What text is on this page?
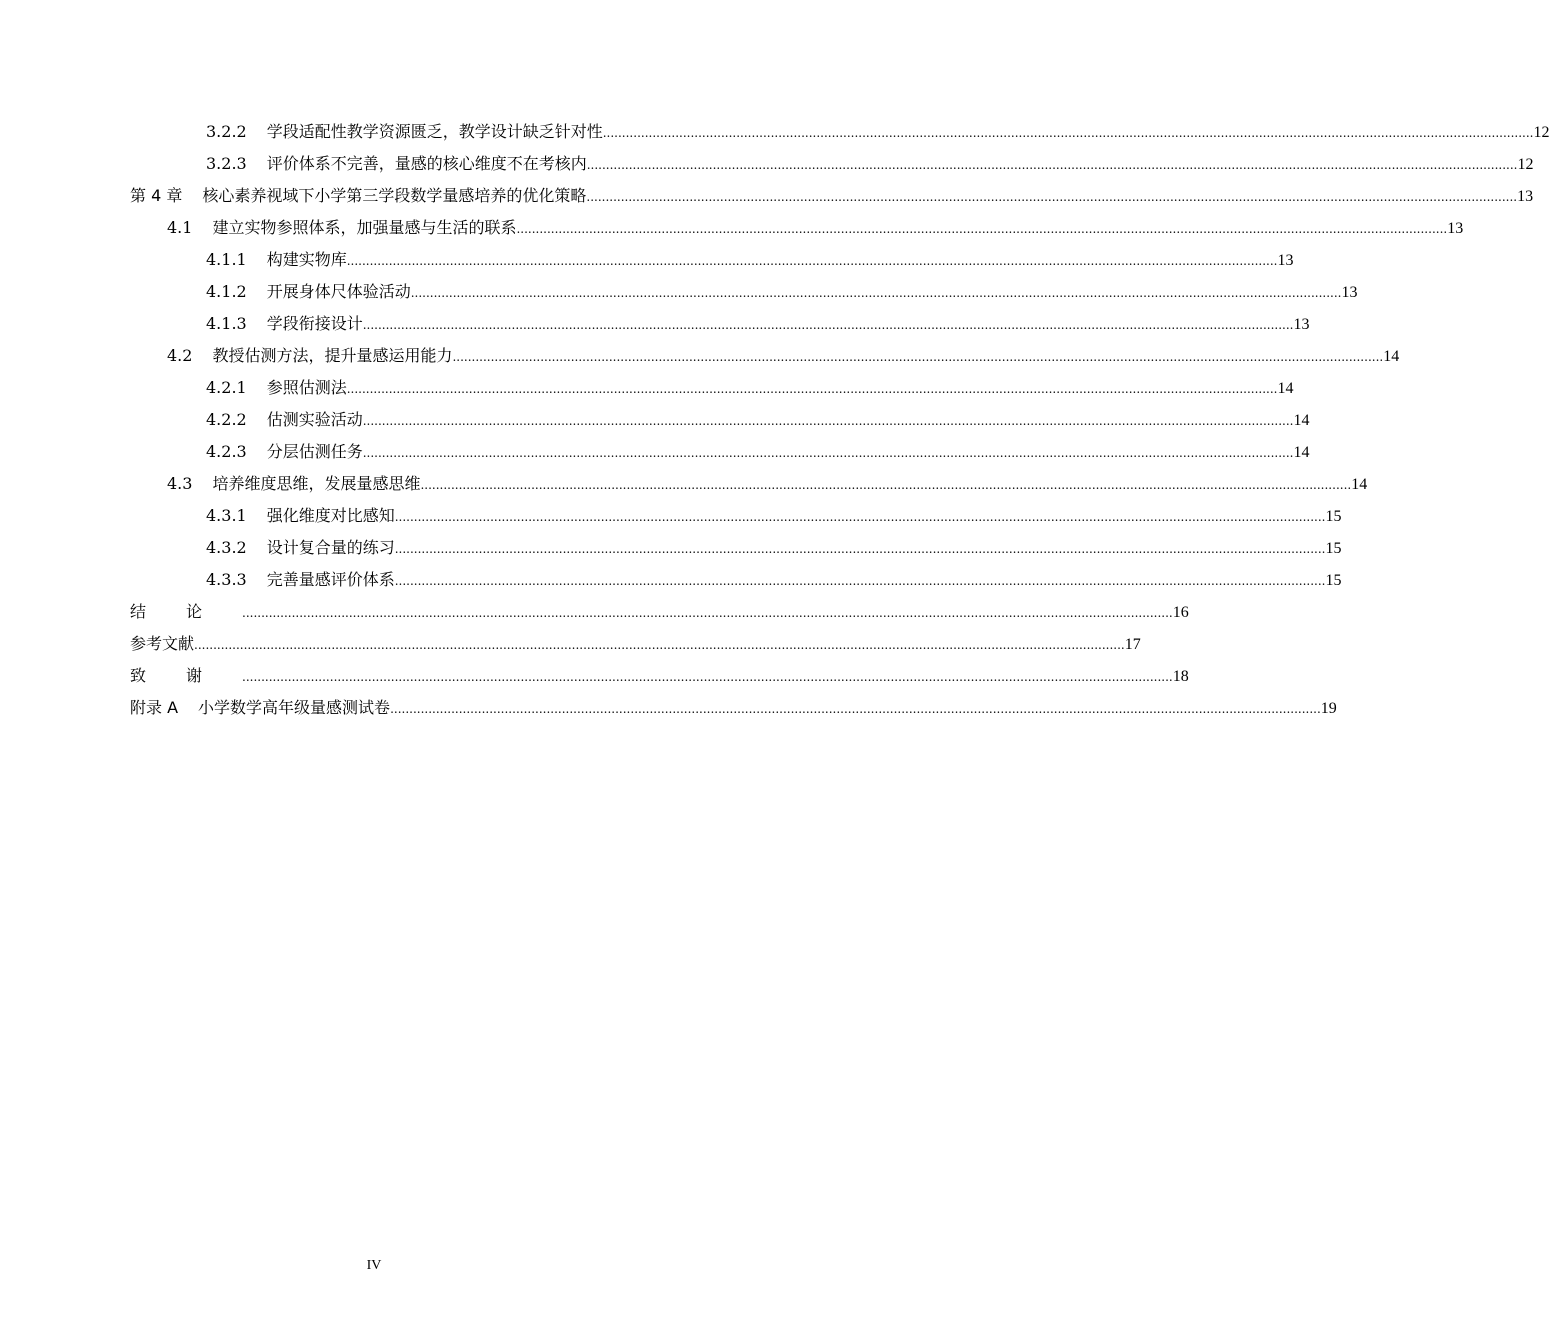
3.2.2 学段适配性教学资源匮乏，教学设计缺乏针对性 .....	12
3.2.3 评价体系不完善，量感的核心维度不在考核内 .....	12
第 4 章 核心素养视域下小学第三学段数学量感培养的优化策略 .....	13
4.1 建立实物参照体系，加强量感与生活的联系 .....	13
4.1.1 构建实物库 .....	13
4.1.2 开展身体尺体验活动 .....	13
4.1.3 学段衔接设计 .....	13
4.2 教授估测方法，提升量感运用能力 .....	14
4.2.1 参照估测法 .....	14
4.2.2 估测实验活动 .....	14
4.2.3 分层估测任务 .....	14
4.3 培养维度思维，发展量感思维 .....	14
4.3.1 强化维度对比感知 .....	15
4.3.2 设计复合量的练习 .....	15
4.3.3 完善量感评价体系 .....	15
结论 .....	16
参考文献 .....	17
致谢 .....	18
附录 A 小学数学高年级量感测试卷 .....	19
IV
